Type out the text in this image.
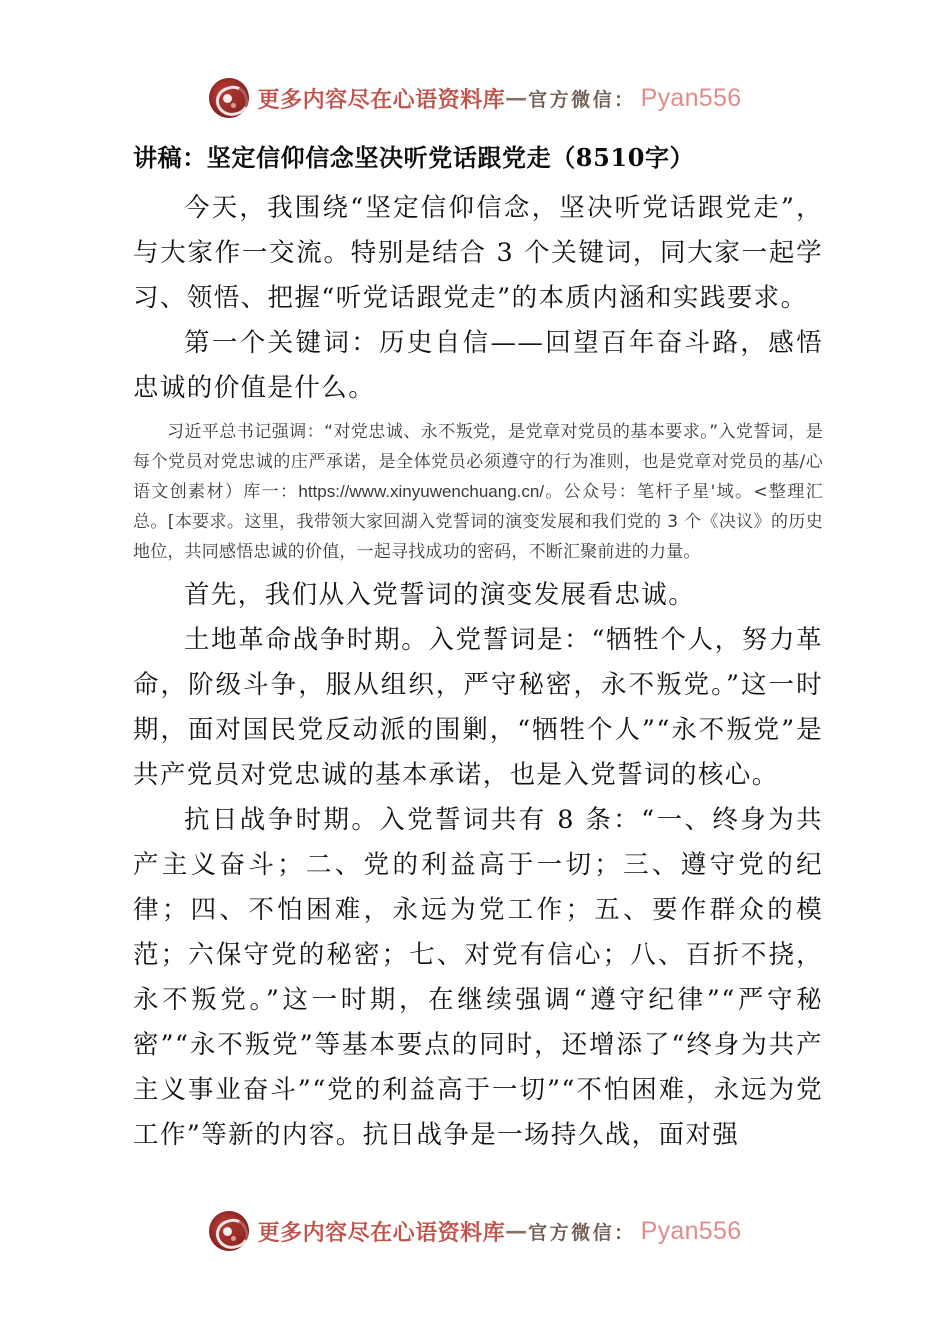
更多内容尽在心语资料库 — 官方微信： Pyan556
讲稿：坚定信仰信念坚决听党话跟党走（8510字）

今天，我围绕“坚定信仰信念，坚决听党话跟党走”，与大家作一交流。特别是结合 3 个关键词，同大家一起学习、领悟、把握“听党话跟党走”的本质内涵和实践要求。

第一个关键词：历史自信——回望百年奋斗路，感悟忠诚的价值是什么。

习近平总书记强调：“对党忠诚、永不叛党，是党章对党员的基本要求。”入党誓词，是每个党员对党忠诚的庄严承诺，是全体党员必须遵守的行为准则，也是党章对党员的基/心语文创素材）库一：https://www.xinyuwenchuang.cn/。公众号：笔杆子星'域。<整理汇总。[本要求。这里，我带领大家回湖入党誓词的演变发展和我们党的 3 个《决议》的历史地位，共同感悟忠诚的价值，一起寻找成功的密码，不断汇聚前进的力量。

首先，我们从入党誓词的演变发展看忠诚。

土地革命战争时期。入党誓词是：“牺牲个人，努力革命，阶级斗争，服从组织，严守秘密，永不叛党。”这一时期，面对国民党反动派的围剿，“牺牲个人”“永不叛党”是共产党员对党忠诚的基本承诺，也是入党誓词的核心。

抗日战争时期。入党誓词共有 8 条：“一、终身为共产主义奋斗；二、党的利益高于一切；三、遵守党的纪律；四、不怕困难，永远为党工作；五、要作群众的模范；六保守党的秘密；七、对党有信心；八、百折不挠，永不叛党。”这一时期，在继续强调“遵守纪律”“严守秘密”“永不叛党”等基本要点的同时，还增添了“终身为共产主义事业奋斗”“党的利益高于一切”“不怕困难，永远为党工作”等新的内容。抗日战争是一场持久战，面对强

更多内容尽在心语资料库 — 官方微信： Pyan556
